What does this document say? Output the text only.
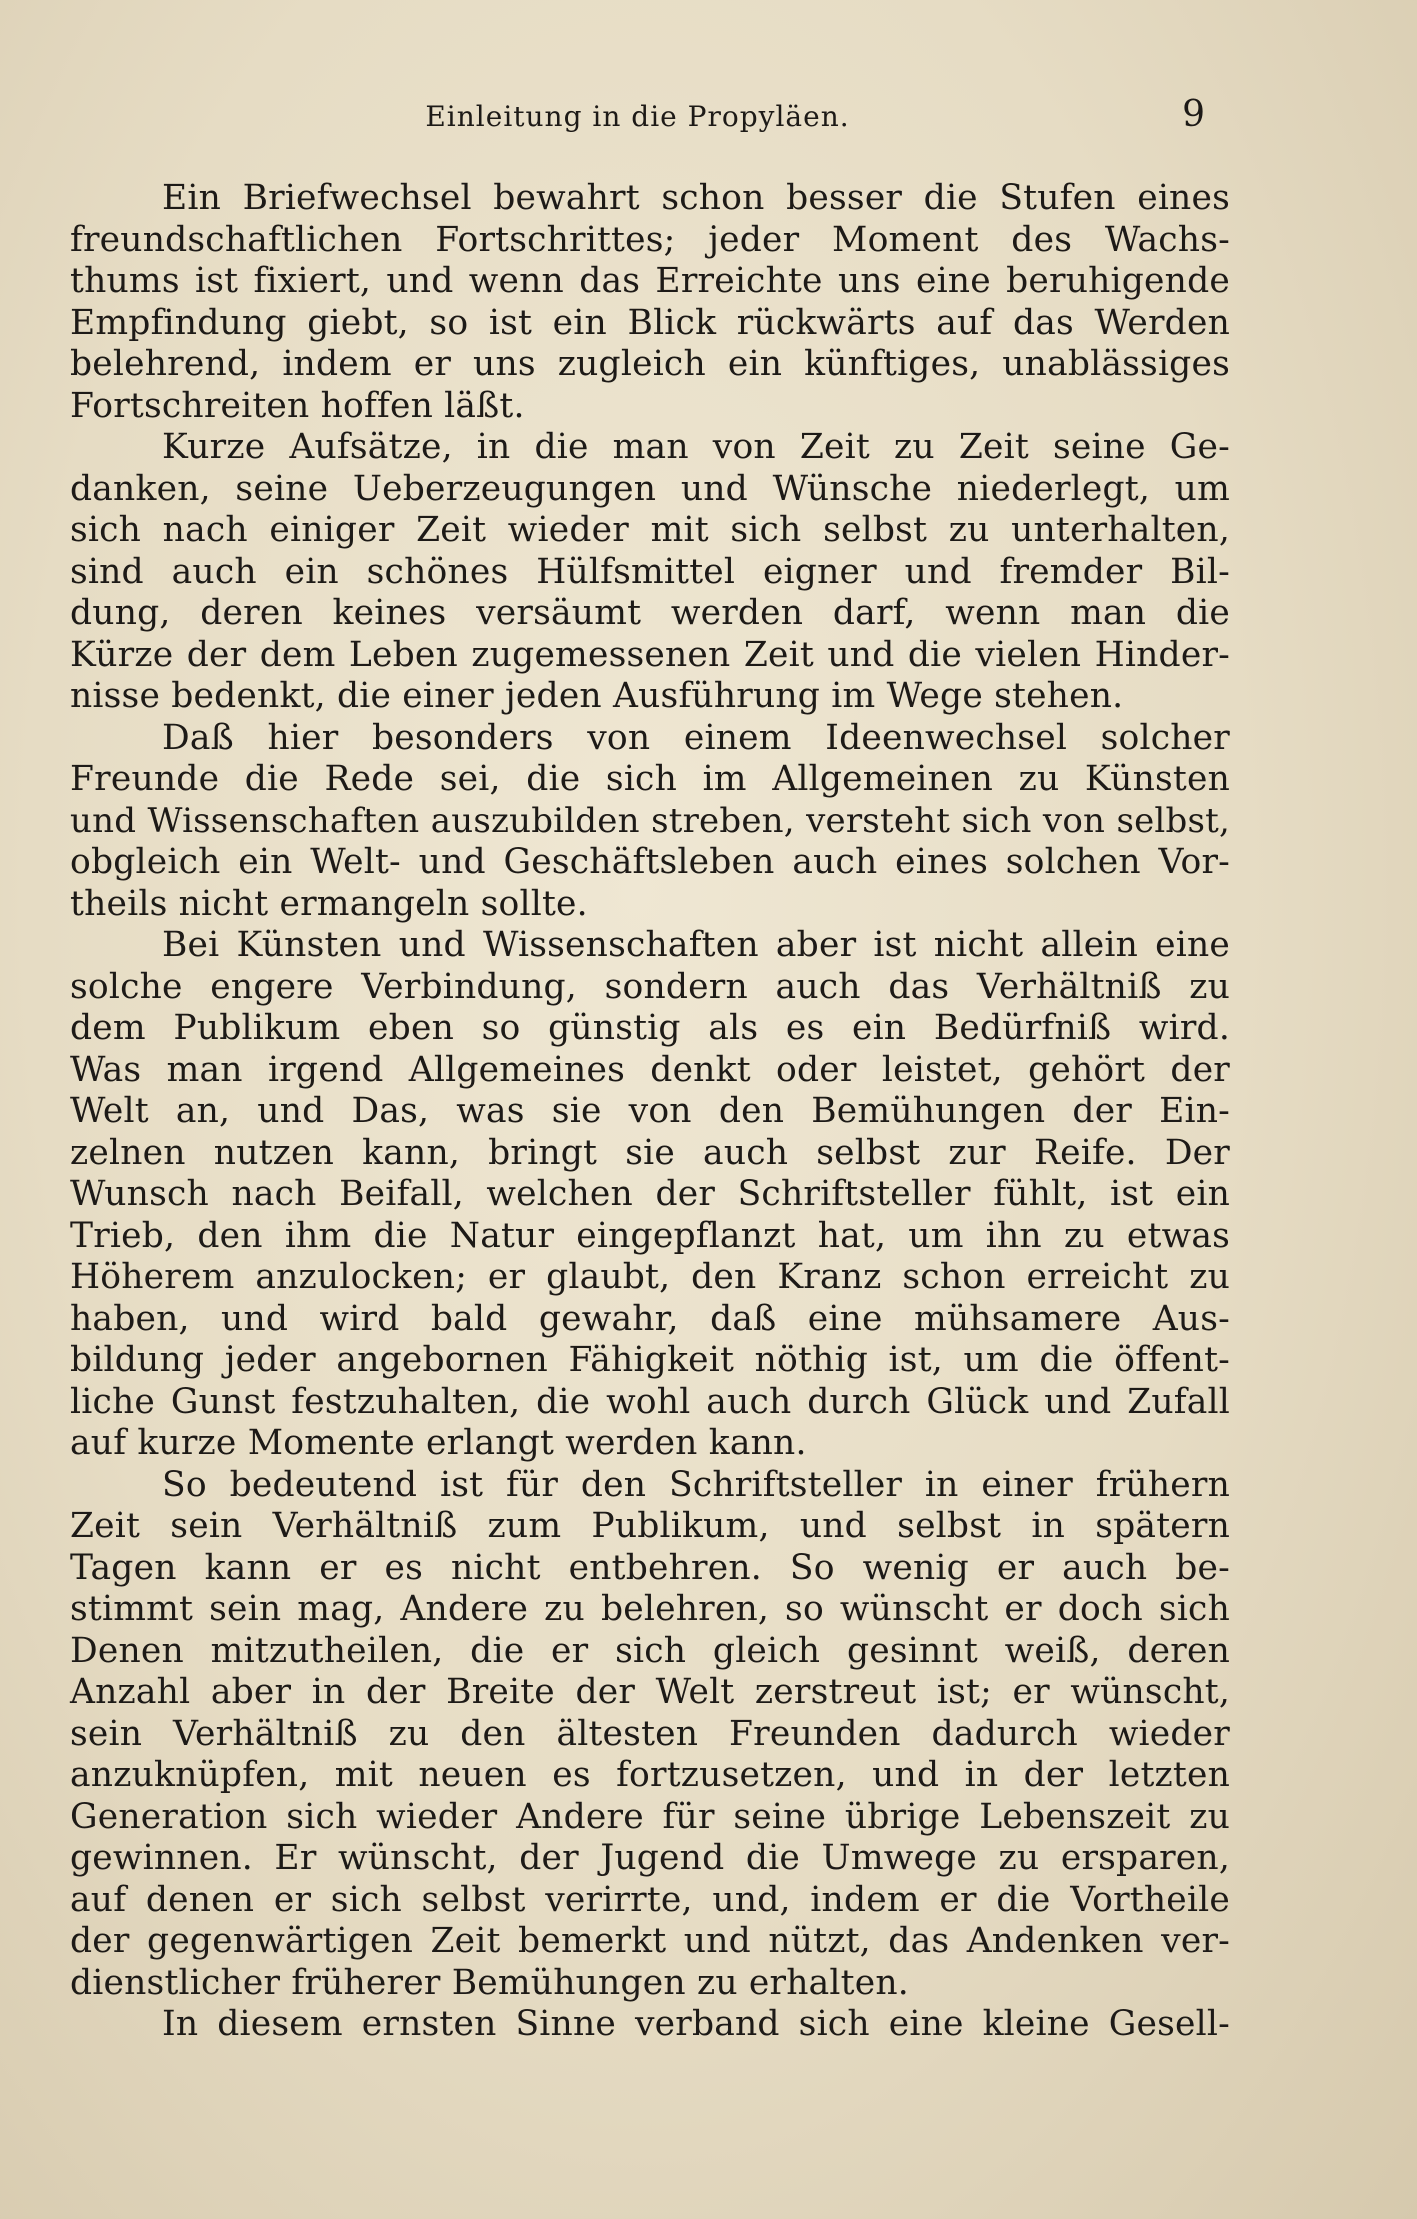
Einleitung in die Propyläen.	9
Ein Briefwechsel bewahrt schon besser die Stufen eines
freundschaftlichen Fortschrittes; jeder Moment des Wachs-
thums ist fixiert, und wenn das Erreichte uns eine beruhigende
Empfindung giebt, so ist ein Blick rückwärts auf das Werden
belehrend, indem er uns zugleich ein künftiges, unablässiges
Fortschreiten hoffen läßt.
Kurze Aufsätze, in die man von Zeit zu Zeit seine Ge-
danken, seine Ueberzeugungen und Wünsche niederlegt, um
sich nach einiger Zeit wieder mit sich selbst zu unterhalten,
sind auch ein schönes Hülfsmittel eigner und fremder Bil-
dung, deren keines versäumt werden darf, wenn man die
Kürze der dem Leben zugemessenen Zeit und die vielen Hinder-
nisse bedenkt, die einer jeden Ausführung im Wege stehen.
Daß hier besonders von einem Ideenwechsel solcher
Freunde die Rede sei, die sich im Allgemeinen zu Künsten
und Wissenschaften auszubilden streben, versteht sich von selbst,
obgleich ein Welt- und Geschäftsleben auch eines solchen Vor-
theils nicht ermangeln sollte.
Bei Künsten und Wissenschaften aber ist nicht allein eine
solche engere Verbindung, sondern auch das Verhältniß zu
dem Publikum eben so günstig als es ein Bedürfniß wird.
Was man irgend Allgemeines denkt oder leistet, gehört der
Welt an, und Das, was sie von den Bemühungen der Ein-
zelnen nutzen kann, bringt sie auch selbst zur Reife. Der
Wunsch nach Beifall, welchen der Schriftsteller fühlt, ist ein
Trieb, den ihm die Natur eingepflanzt hat, um ihn zu etwas
Höherem anzulocken; er glaubt, den Kranz schon erreicht zu
haben, und wird bald gewahr, daß eine mühsamere Aus-
bildung jeder angebornen Fähigkeit nöthig ist, um die öffent-
liche Gunst festzuhalten, die wohl auch durch Glück und Zufall
auf kurze Momente erlangt werden kann.
So bedeutend ist für den Schriftsteller in einer frühern
Zeit sein Verhältniß zum Publikum, und selbst in spätern
Tagen kann er es nicht entbehren. So wenig er auch be-
stimmt sein mag, Andere zu belehren, so wünscht er doch sich
Denen mitzutheilen, die er sich gleich gesinnt weiß, deren
Anzahl aber in der Breite der Welt zerstreut ist; er wünscht,
sein Verhältniß zu den ältesten Freunden dadurch wieder
anzuknüpfen, mit neuen es fortzusetzen, und in der letzten
Generation sich wieder Andere für seine übrige Lebenszeit zu
gewinnen. Er wünscht, der Jugend die Umwege zu ersparen,
auf denen er sich selbst verirrte, und, indem er die Vortheile
der gegenwärtigen Zeit bemerkt und nützt, das Andenken ver-
dienstlicher früherer Bemühungen zu erhalten.
In diesem ernsten Sinne verband sich eine kleine Gesell-
